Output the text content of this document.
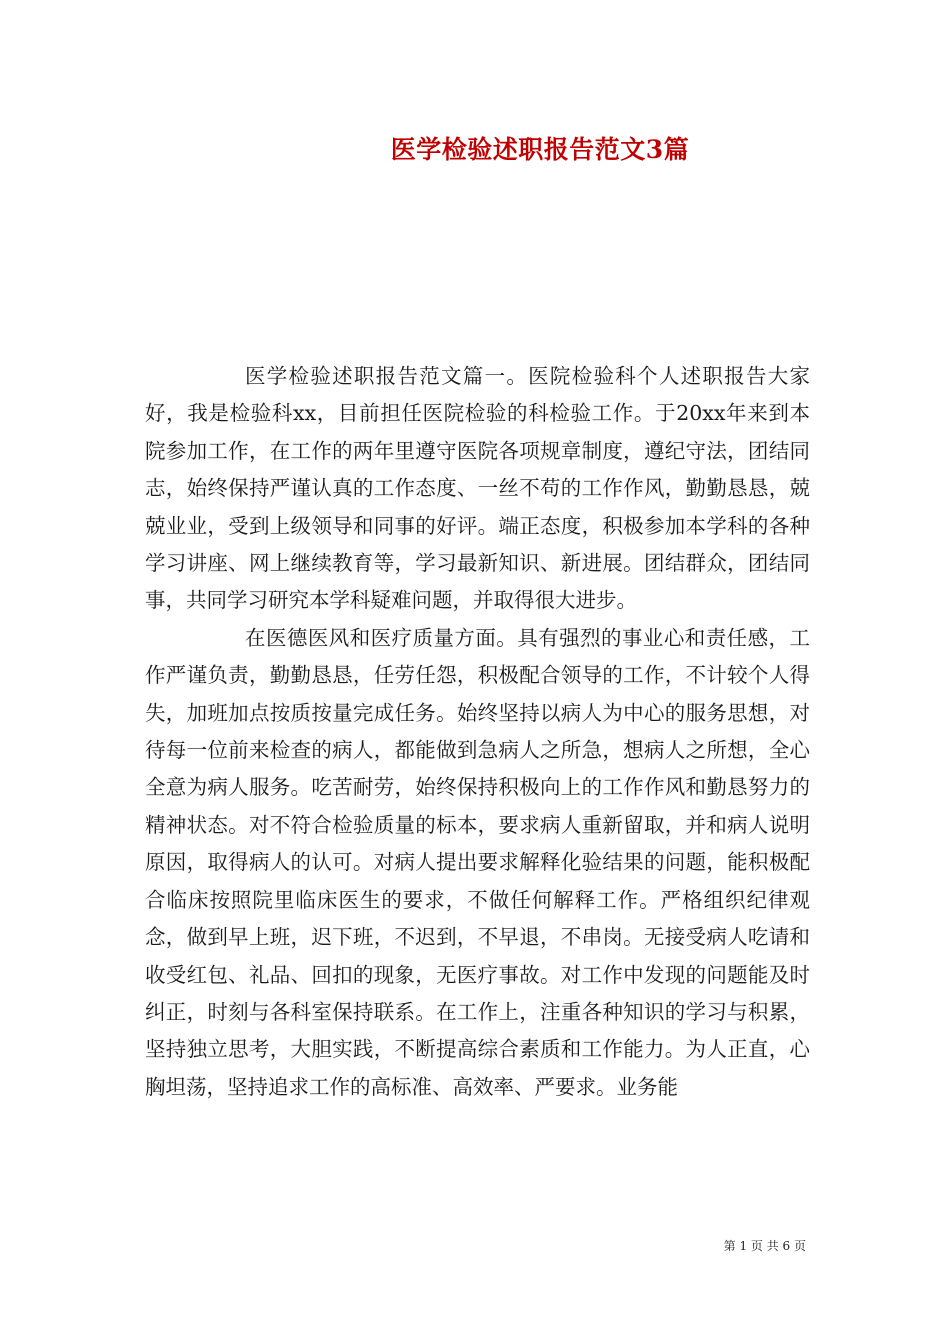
医学检验述职报告范文3篇

医学检验述职报告范文篇一。医院检验科个人述职报告大家好，我是检验科xx，目前担任医院检验的科检验工作。于20xx年来到本院参加工作，在工作的两年里遵守医院各项规章制度，遵纪守法，团结同志，始终保持严谨认真的工作态度、一丝不苟的工作作风，勤勤恳恳，兢兢业业，受到上级领导和同事的好评。端正态度，积极参加本学科的各种学习讲座、网上继续教育等，学习最新知识、新进展。团结群众，团结同事，共同学习研究本学科疑难问题，并取得很大进步。

在医德医风和医疗质量方面。具有强烈的事业心和责任感，工作严谨负责，勤勤恳恳，任劳任怨，积极配合领导的工作，不计较个人得失，加班加点按质按量完成任务。始终坚持以病人为中心的服务思想，对待每一位前来检查的病人，都能做到急病人之所急，想病人之所想，全心全意为病人服务。吃苦耐劳，始终保持积极向上的工作作风和勤恳努力的精神状态。对不符合检验质量的标本，要求病人重新留取，并和病人说明原因，取得病人的认可。对病人提出要求解释化验结果的问题，能积极配合临床按照院里临床医生的要求，不做任何解释工作。严格组织纪律观念，做到早上班，迟下班，不迟到，不早退，不串岗。无接受病人吃请和收受红包、礼品、回扣的现象，无医疗事故。对工作中发现的问题能及时纠正，时刻与各科室保持联系。在工作上，注重各种知识的学习与积累，坚持独立思考，大胆实践，不断提高综合素质和工作能力。为人正直，心胸坦荡，坚持追求工作的高标准、高效率、严要求。业务能

第 1 页 共 6 页
